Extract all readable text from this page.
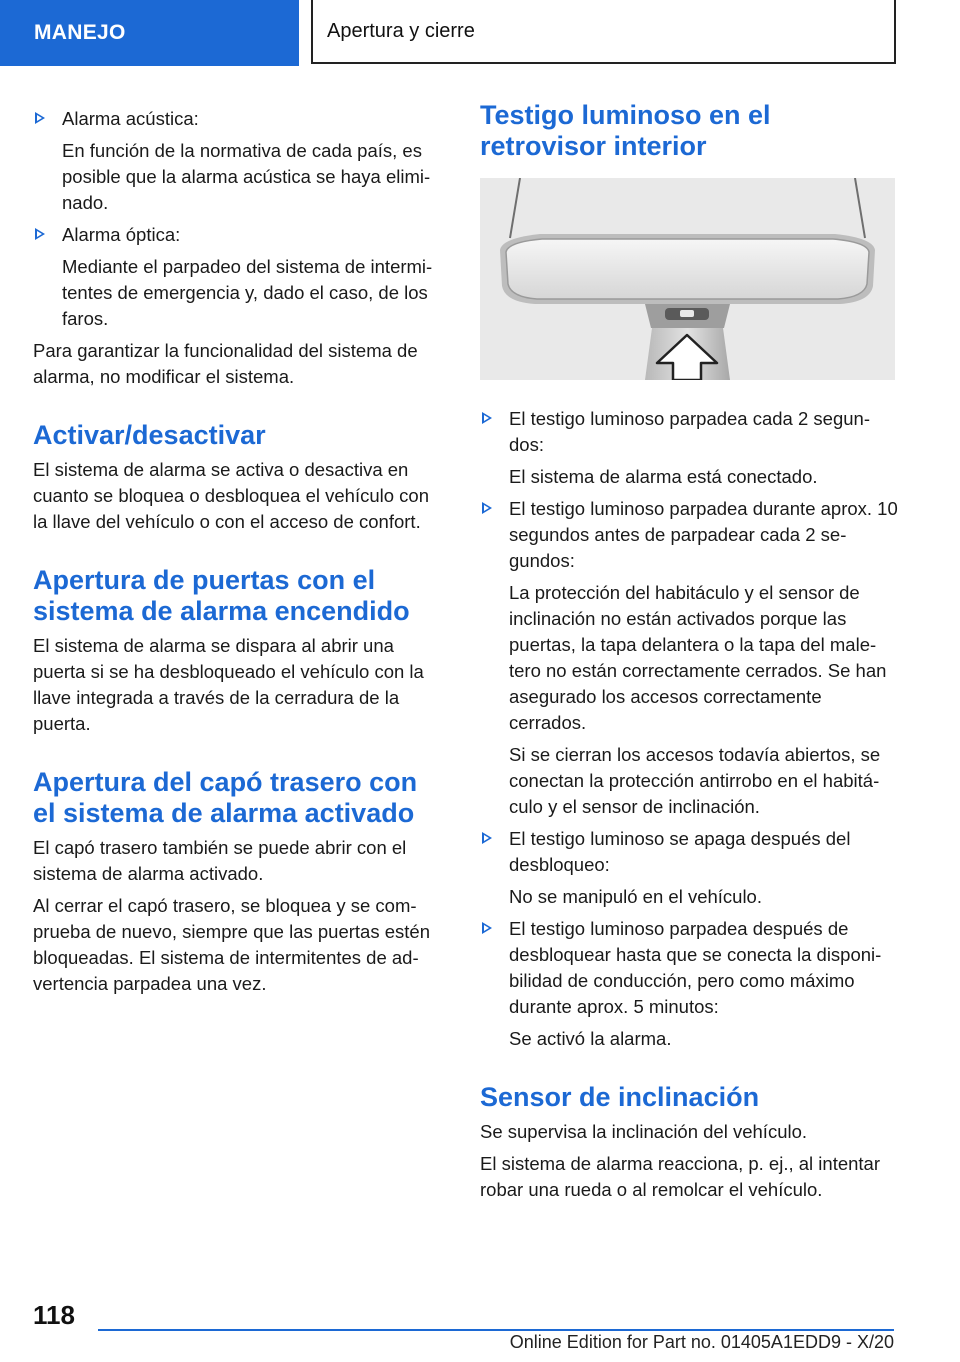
MANEJO	Apertura y cierre

Alarma acústica:

En función de la normativa de cada país, es posible que la alarma acústica se haya elimi-nado.

Alarma óptica:

Mediante el parpadeo del sistema de intermi-tentes de emergencia y, dado el caso, de los faros.

Para garantizar la funcionalidad del sistema de alarma, no modificar el sistema.

Activar/desactivar

El sistema de alarma se activa o desactiva en cuanto se bloquea o desbloquea el vehículo con la llave del vehículo o con el acceso de confort.

Apertura de puertas con el sistema de alarma encendido

El sistema de alarma se dispara al abrir una puerta si se ha desbloqueado el vehículo con la llave integrada a través de la cerradura de la puerta.

Apertura del capó trasero con el sistema de alarma activado

El capó trasero también se puede abrir con el sistema de alarma activado.

Al cerrar el capó trasero, se bloquea y se com-prueba de nuevo, siempre que las puertas estén bloqueadas. El sistema de intermitentes de ad-vertencia parpadea una vez.

Testigo luminoso en el retrovisor interior

El testigo luminoso parpadea cada 2 segun-dos:

El sistema de alarma está conectado.

El testigo luminoso parpadea durante aprox. 10 segundos antes de parpadear cada 2 se-gundos:

La protección del habitáculo y el sensor de inclinación no están activados porque las puertas, la tapa delantera o la tapa del male-tero no están correctamente cerrados. Se han asegurado los accesos correctamente cerrados.

Si se cierran los accesos todavía abiertos, se conectan la protección antirrobo en el habitá-culo y el sensor de inclinación.

El testigo luminoso se apaga después del desbloqueo:

No se manipuló en el vehículo.

El testigo luminoso parpadea después de desbloquear hasta que se conecta la disponi-bilidad de conducción, pero como máximo durante aprox. 5 minutos:

Se activó la alarma.

Sensor de inclinación

Se supervisa la inclinación del vehículo.

El sistema de alarma reacciona, p. ej., al intentar robar una rueda o al remolcar el vehículo.

118
Online Edition for Part no. 01405A1EDD9 - X/20
